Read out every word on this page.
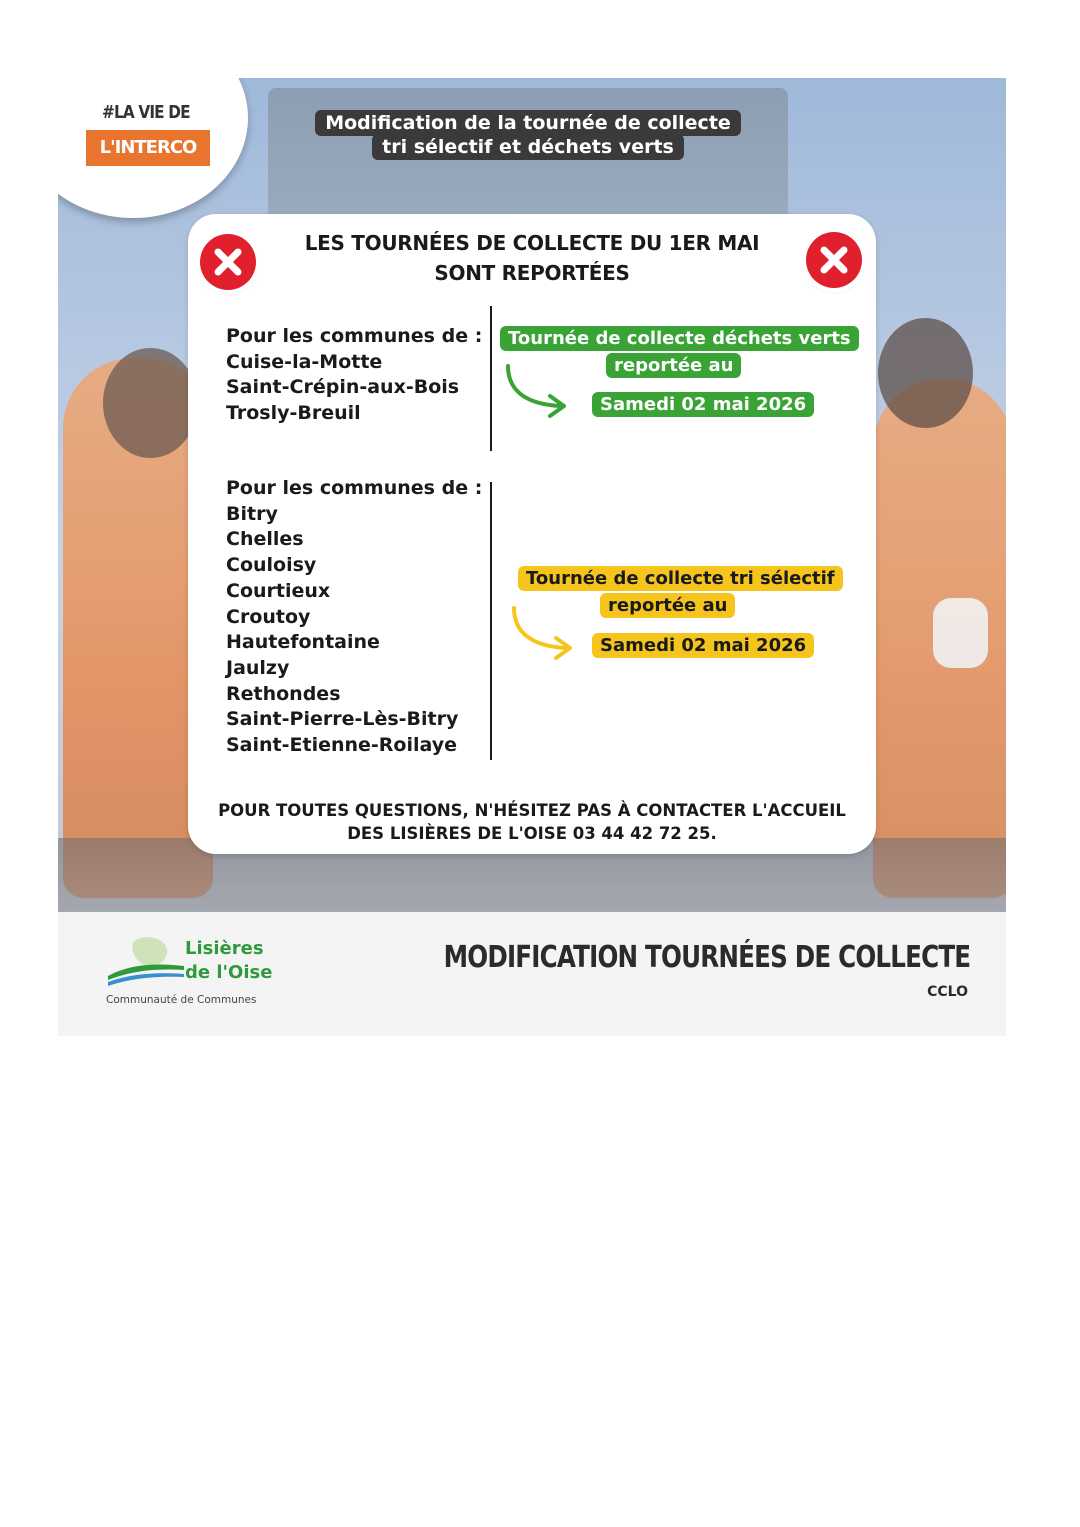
#LA VIE DE
L'INTERCO
Modification de la tournée de collecte
tri sélectif et déchets verts
LES TOURNÉES DE COLLECTE DU 1ER MAI
SONT REPORTÉES
Pour les communes de :
Cuise-la-Motte
Saint-Crépin-aux-Bois
Trosly-Breuil
Tournée de collecte déchets verts
reportée au
Samedi 02 mai 2026
Pour les communes de :
Bitry
Chelles
Couloisy
Courtieux
Croutoy
Hautefontaine
Jaulzy
Rethondes
Saint-Pierre-Lès-Bitry
Saint-Etienne-Roilaye
Tournée de collecte tri sélectif
reportée au
Samedi 02 mai 2026
POUR TOUTES QUESTIONS, N'HÉSITEZ PAS À CONTACTER L'ACCUEIL
DES LISIÈRES DE L'OISE 03 44 42 72 25.
Lisières
de l'Oise
Communauté de Communes
MODIFICATION TOURNÉES DE COLLECTE
CCLO
